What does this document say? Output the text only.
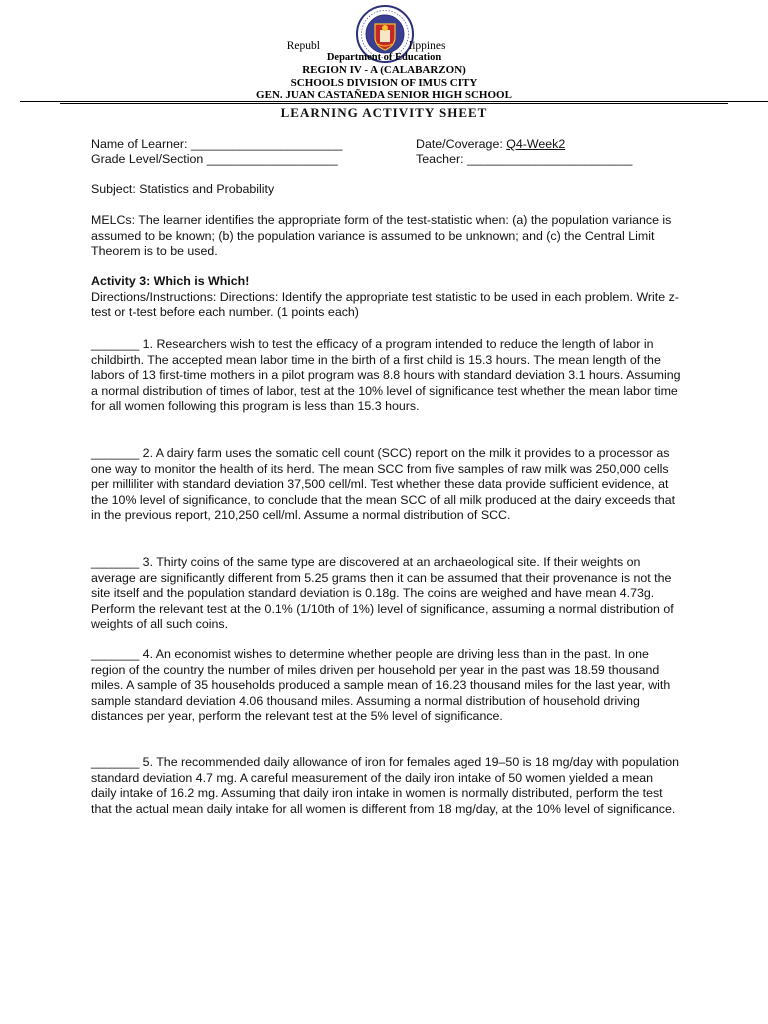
Republ	lippines
Department of Education
REGION IV - A (CALABARZON)
SCHOOLS DIVISION OF IMUS CITY
GEN. JUAN CASTAÑEDA SENIOR HIGH SCHOOL
LEARNING ACTIVITY SHEET
Name of Learner: ______________________
Grade Level/Section ___________________
Date/Coverage: Q4-Week2
Teacher: ________________________
Subject: Statistics and Probability
MELCs: The learner identifies the appropriate form of the test-statistic when: (a) the population variance is assumed to be known; (b) the population variance is assumed to be unknown; and (c) the Central Limit Theorem is to be used.

Activity 3: Which is Which!

Directions/Instructions: Directions: Identify the appropriate test statistic to be used in each problem. Write z-test or t-test before each number. (1 points each)

_______ 1. Researchers wish to test the efficacy of a program intended to reduce the length of labor in childbirth. The accepted mean labor time in the birth of a first child is 15.3 hours. The mean length of the labors of 13 first-time mothers in a pilot program was 8.8 hours with standard deviation 3.1 hours. Assuming a normal distribution of times of labor, test at the 10% level of significance test whether the mean labor time for all women following this program is less than 15.3 hours.
_______ 2. A dairy farm uses the somatic cell count (SCC) report on the milk it provides to a processor as one way to monitor the health of its herd. The mean SCC from five samples of raw milk was 250,000 cells per milliliter with standard deviation 37,500 cell/ml. Test whether these data provide sufficient evidence, at the 10% level of significance, to conclude that the mean SCC of all milk produced at the dairy exceeds that in the previous report, 210,250 cell/ml. Assume a normal distribution of SCC.
_______ 3. Thirty coins of the same type are discovered at an archaeological site. If their weights on average are significantly different from 5.25 grams then it can be assumed that their provenance is not the site itself and the population standard deviation is 0.18g. The coins are weighed and have mean 4.73g. Perform the relevant test at the 0.1% (1/10th of 1%) level of significance, assuming a normal distribution of weights of all such coins.
_______ 4. An economist wishes to determine whether people are driving less than in the past. In one region of the country the number of miles driven per household per year in the past was 18.59 thousand miles. A sample of 35 households produced a sample mean of 16.23 thousand miles for the last year, with sample standard deviation 4.06 thousand miles. Assuming a normal distribution of household driving distances per year, perform the relevant test at the 5% level of significance.
_______ 5. The recommended daily allowance of iron for females aged 19–50 is 18 mg/day with population standard deviation 4.7 mg. A careful measurement of the daily iron intake of 50 women yielded a mean daily intake of 16.2 mg. Assuming that daily iron intake in women is normally distributed, perform the test that the actual mean daily intake for all women is different from 18 mg/day, at the 10% level of significance.
